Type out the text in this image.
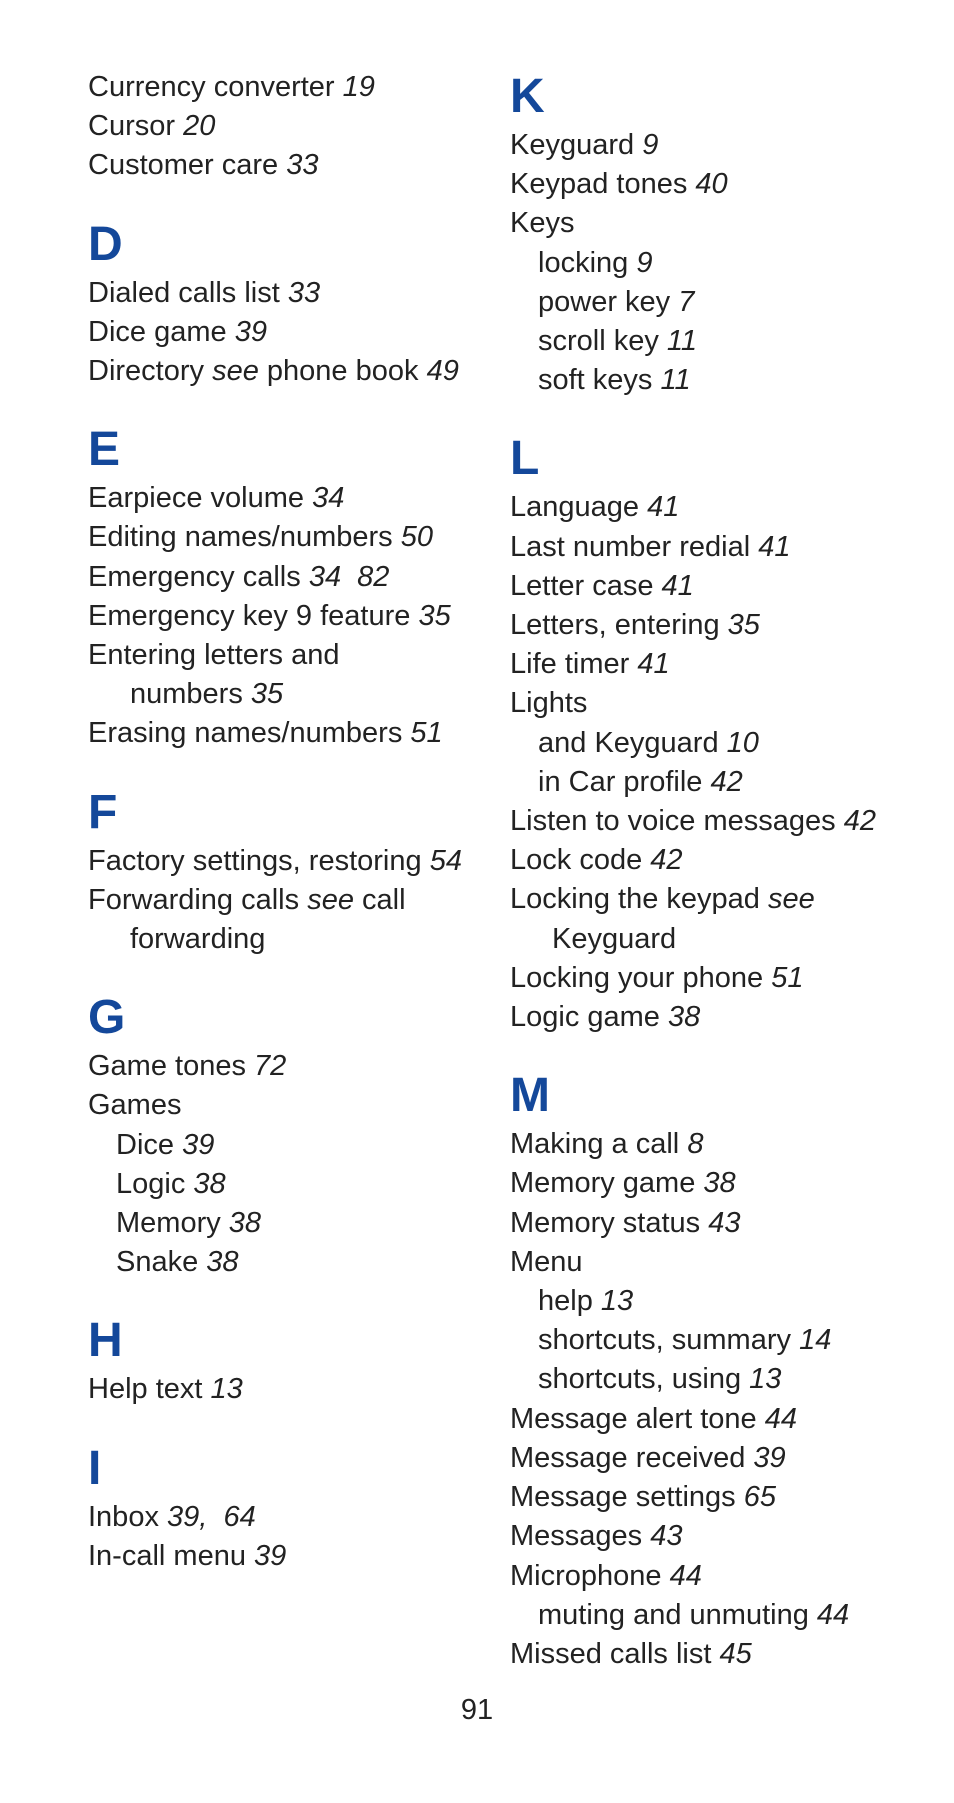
Currency converter 19
Cursor 20
Customer care 33
D
Dialed calls list 33
Dice game 39
Directory see phone book 49
E
Earpiece volume 34
Editing names/numbers 50
Emergency calls 34  82
Emergency key 9 feature 35
Entering letters and
numbers 35
Erasing names/numbers 51
F
Factory settings, restoring 54
Forwarding calls see call
forwarding
G
Game tones 72
Games
Dice 39
Logic 38
Memory 38
Snake 38
H
Help text 13
I
Inbox 39,  64
In-call menu 39
K
Keyguard 9
Keypad tones 40
Keys
locking 9
power key 7
scroll key 11
soft keys 11
L
Language 41
Last number redial 41
Letter case 41
Letters, entering 35
Life timer 41
Lights
and Keyguard 10
in Car profile 42
Listen to voice messages 42
Lock code 42
Locking the keypad see
Keyguard
Locking your phone 51
Logic game 38
M
Making a call 8
Memory game 38
Memory status 43
Menu
help 13
shortcuts, summary 14
shortcuts, using 13
Message alert tone 44
Message received 39
Message settings 65
Messages 43
Microphone 44
muting and unmuting 44
Missed calls list 45
91
